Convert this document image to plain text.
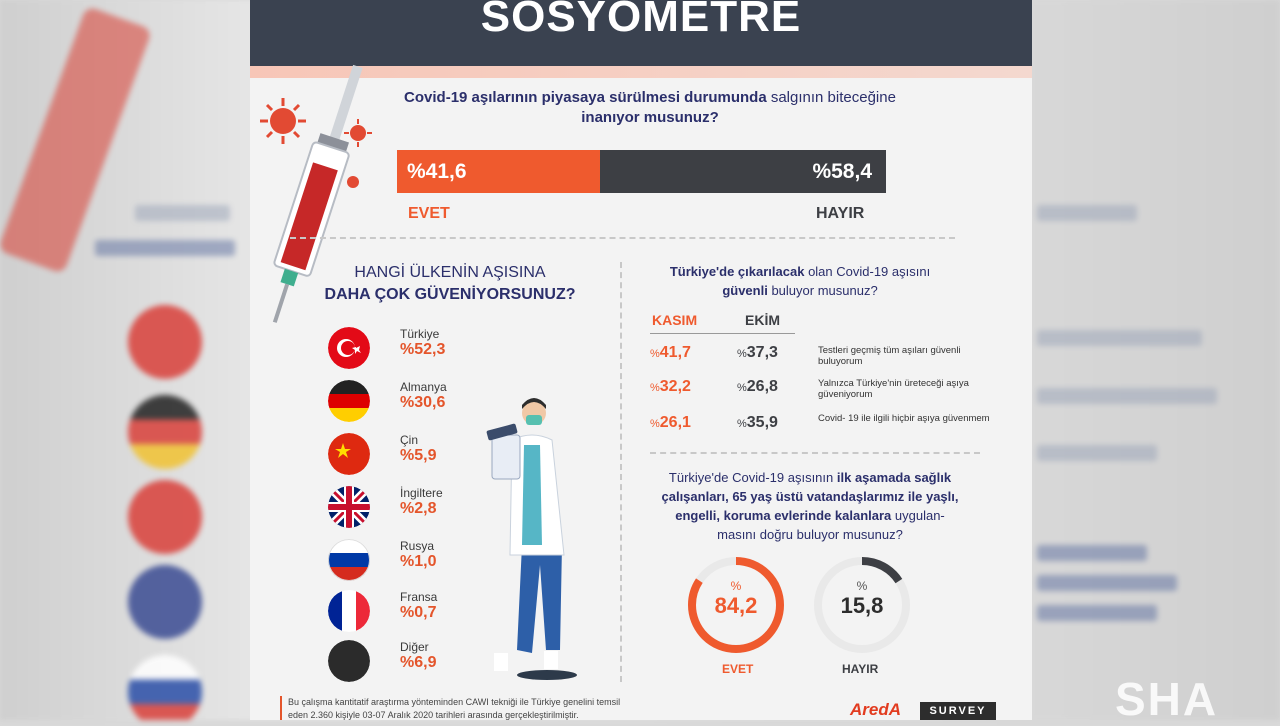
SOSYOMETRE
Covid-19 aşılarının piyasaya sürülmesi durumunda salgının biteceğine
inanıyor musunuz?
%41,6	%58,4
EVET	HAYIR
HANGİ ÜLKENİN AŞISINA
DAHA ÇOK GÜVENİYORSUNUZ?
Türkiye
%52,3
Almanya
%30,6
Çin
%5,9
İngiltere
%2,8
Rusya
%1,0
Fransa
%0,7
Diğer
%6,9
Türkiye'de çıkarılacak olan Covid-19 aşısını
güvenli buluyor musunuz?
KASIM	EKİM
%41,7	%37,3	Testleri geçmiş tüm aşıları güvenli buluyorum
%32,2	%26,8	Yalnızca Türkiye'nin üreteceği aşıya güveniyorum
%26,1	%35,9	Covid- 19 ile ilgili hiçbir aşıya güvenmem
Türkiye'de Covid-19 aşısının ilk aşamada sağlık
çalışanları, 65 yaş üstü vatandaşlarımız ile yaşlı,
engelli, koruma evlerinde kalanlara uygulan-
masını doğru buluyor musunuz?
%
84,2
%
15,8
EVET	HAYIR
Bu çalışma kantitatif araştırma yönteminden CAWI tekniği ile Türkiye genelini temsil
eden 2.360 kişiyle 03-07 Aralık 2020 tarihleri arasında gerçekleştirilmiştir.	AredA	SURVEY	SHA
